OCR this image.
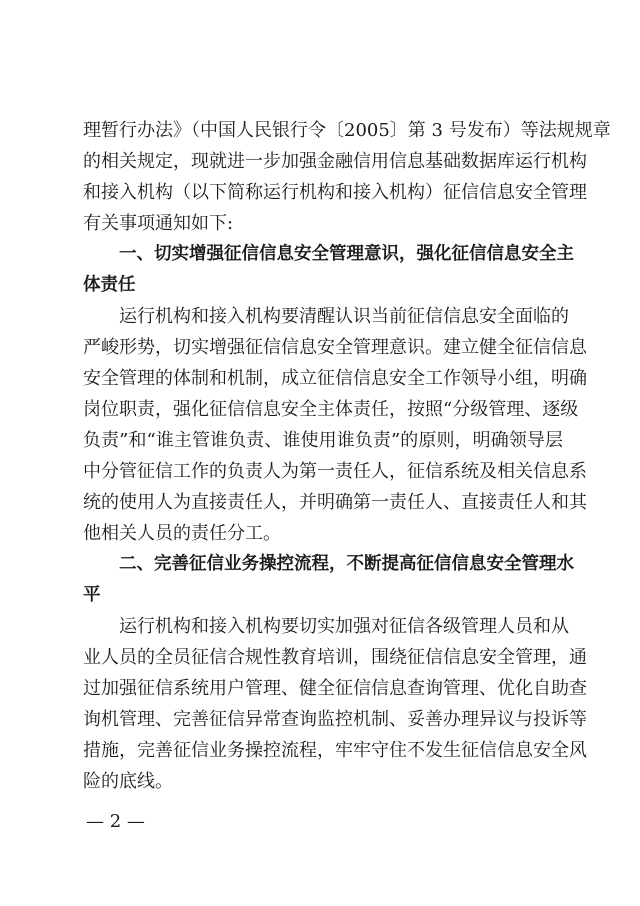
理暂行办法》（中国人民银行令〔2005〕第 3 号发布）等法规规章
的相关规定，现就进一步加强金融信用信息基础数据库运行机构
和接入机构（以下简称运行机构和接入机构）征信信息安全管理
有关事项通知如下:
一、切实增强征信信息安全管理意识，强化征信信息安全主
体责任
运行机构和接入机构要清醒认识当前征信信息安全面临的
严峻形势，切实增强征信信息安全管理意识。建立健全征信信息
安全管理的体制和机制，成立征信信息安全工作领导小组，明确
岗位职责，强化征信信息安全主体责任，按照“分级管理、逐级
负责”和“谁主管谁负责、谁使用谁负责”的原则，明确领导层
中分管征信工作的负责人为第一责任人，征信系统及相关信息系
统的使用人为直接责任人，并明确第一责任人、直接责任人和其
他相关人员的责任分工。
二、完善征信业务操控流程，不断提高征信信息安全管理水
平
运行机构和接入机构要切实加强对征信各级管理人员和从
业人员的全员征信合规性教育培训，围绕征信信息安全管理，通
过加强征信系统用户管理、健全征信信息查询管理、优化自助查
询机管理、完善征信异常查询监控机制、妥善办理异议与投诉等
措施，完善征信业务操控流程，牢牢守住不发生征信信息安全风
险的底线。
— 2 —
